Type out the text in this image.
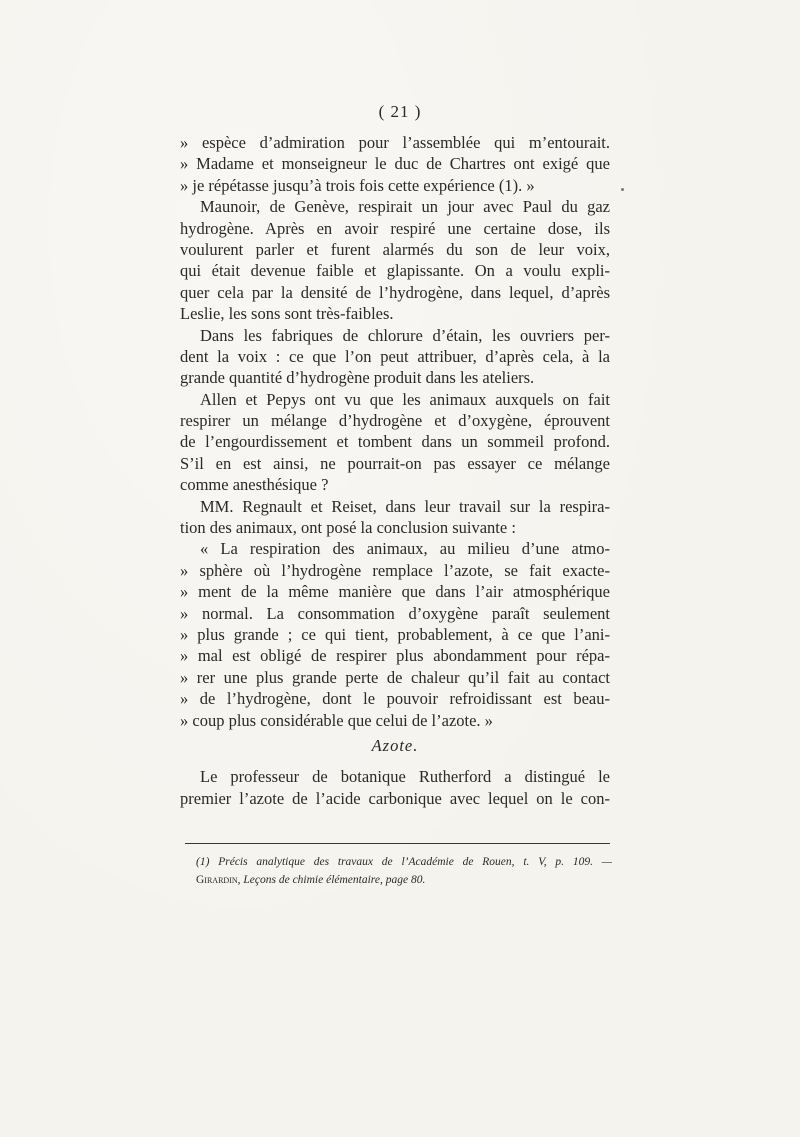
( 21 )
» espèce d’admiration pour l’assemblée qui m’entourait.
» Madame et monseigneur le duc de Chartres ont exigé que
» je répétasse jusqu’à trois fois cette expérience (1). »
Maunoir, de Genève, respirait un jour avec Paul du gaz
hydrogène. Après en avoir respiré une certaine dose, ils
voulurent parler et furent alarmés du son de leur voix,
qui était devenue faible et glapissante. On a voulu expli-
quer cela par la densité de l’hydrogène, dans lequel, d’après
Leslie, les sons sont très-faibles.
Dans les fabriques de chlorure d’étain, les ouvriers per-
dent la voix : ce que l’on peut attribuer, d’après cela, à la
grande quantité d’hydrogène produit dans les ateliers.
Allen et Pepys ont vu que les animaux auxquels on fait
respirer un mélange d’hydrogène et d’oxygène, éprouvent
de l’engourdissement et tombent dans un sommeil profond.
S’il en est ainsi, ne pourrait-on pas essayer ce mélange
comme anesthésique ?
MM. Regnault et Reiset, dans leur travail sur la respira-
tion des animaux, ont posé la conclusion suivante :
« La respiration des animaux, au milieu d’une atmo-
» sphère où l’hydrogène remplace l’azote, se fait exacte-
» ment de la même manière que dans l’air atmosphérique
» normal. La consommation d’oxygène paraît seulement
» plus grande ; ce qui tient, probablement, à ce que l’ani-
» mal est obligé de respirer plus abondamment pour répa-
» rer une plus grande perte de chaleur qu’il fait au contact
» de l’hydrogène, dont le pouvoir refroidissant est beau-
» coup plus considérable que celui de l’azote. »
Azote.
Le professeur de botanique Rutherford a distingué le
premier l’azote de l’acide carbonique avec lequel on le con-
(1) Précis analytique des travaux de l’Académie de Rouen, t. V, p. 109. —
Girardin, Leçons de chimie élémentaire, page 80.
